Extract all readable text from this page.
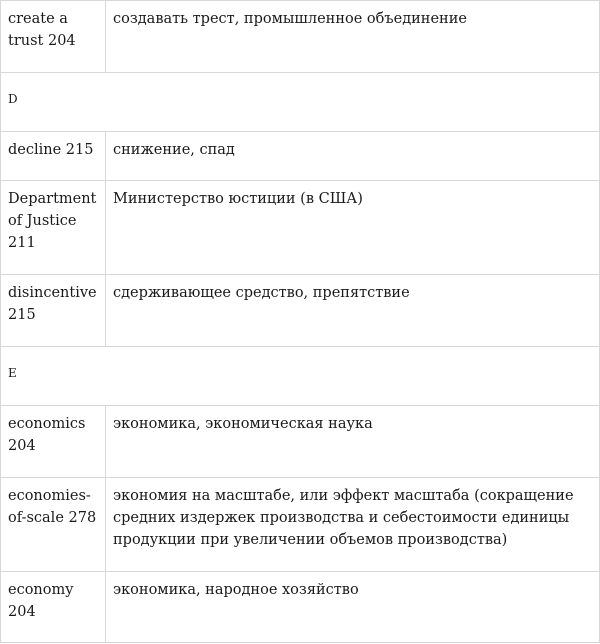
create a trust 204	создавать трест, промышленное объединение
D	
decline 215	снижение, спад
Department of Justice 211	Министерство юстиции (в США)
disincentive 215	сдерживающее средство, препятствие
E	
economics 204	экономика, экономическая наука
economies-of-scale 278	экономия на масштабе, или эффект масштаба (сокращение средних издержек производства и себестоимости единицы продукции при увеличении объемов производства)
economy 204	экономика, народное хозяйство
